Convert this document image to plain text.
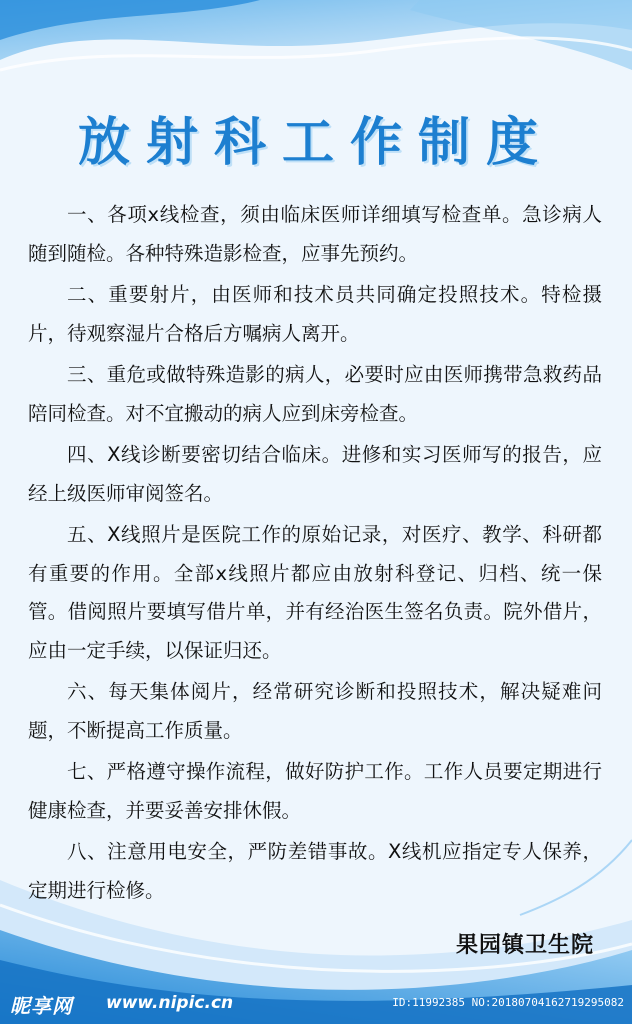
放射科工作制度

一、各项x线检查，须由临床医师详细填写检查单。急诊病人随到随检。各种特殊造影检查，应事先预约。

二、重要射片，由医师和技术员共同确定投照技术。特检摄片，待观察湿片合格后方嘱病人离开。

三、重危或做特殊造影的病人，必要时应由医师携带急救药品陪同检查。对不宜搬动的病人应到床旁检查。

四、X线诊断要密切结合临床。进修和实习医师写的报告，应经上级医师审阅签名。

五、X线照片是医院工作的原始记录，对医疗、教学、科研都有重要的作用。全部x线照片都应由放射科登记、归档、统一保管。借阅照片要填写借片单，并有经治医生签名负责。院外借片，应由一定手续，以保证归还。

六、每天集体阅片，经常研究诊断和投照技术，解决疑难问题，不断提高工作质量。

七、严格遵守操作流程，做好防护工作。工作人员要定期进行健康检查，并要妥善安排休假。

八、注意用电安全，严防差错事故。X线机应指定专人保养，定期进行检修。

果园镇卫生院
昵享网 www.nipic.cn	ID:11992385 NO:20180704162719295082
